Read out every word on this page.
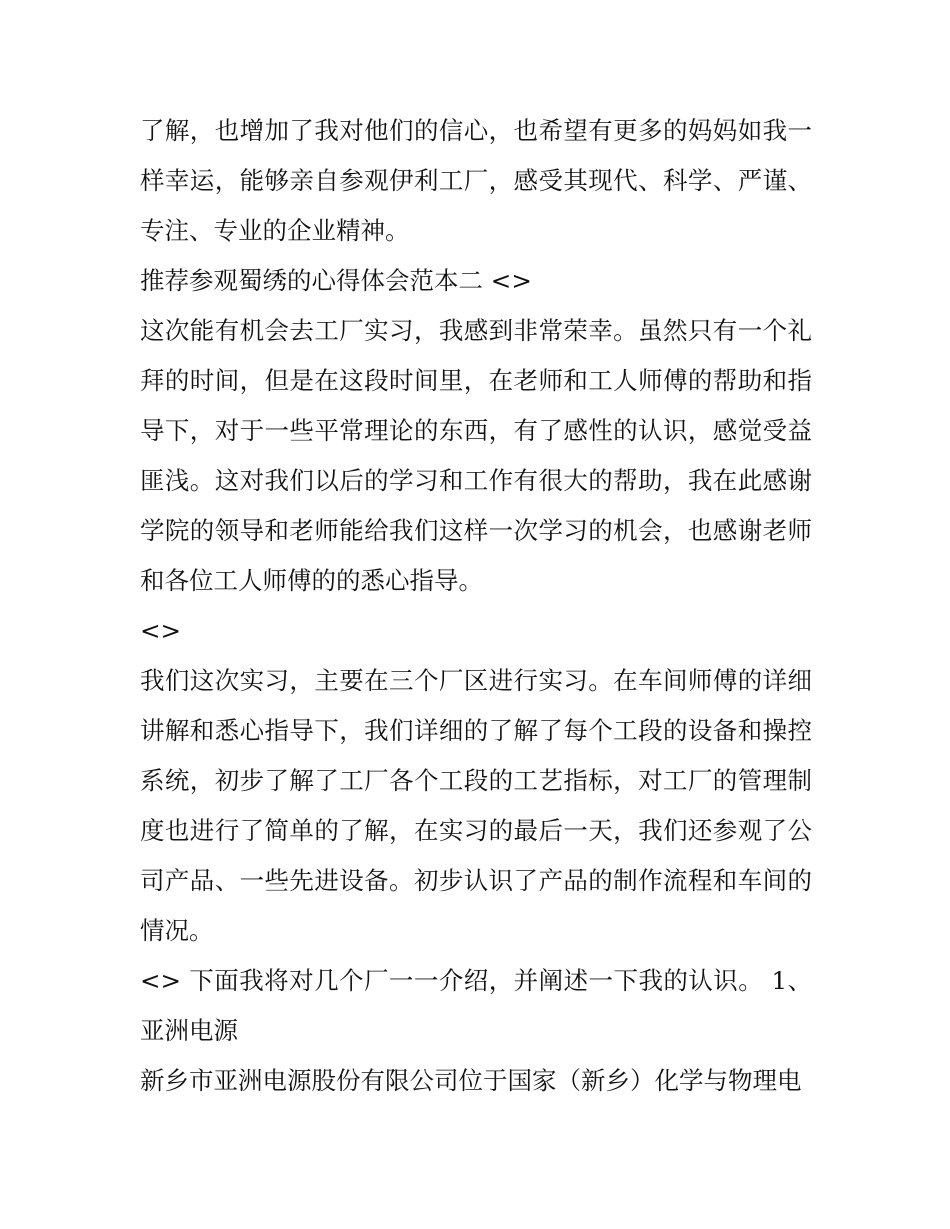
了解，也增加了我对他们的信心，也希望有更多的妈妈如我一样幸运，能够亲自参观伊利工厂，感受其现代、科学、严谨、专注、专业的企业精神。

推荐参观蜀绣的心得体会范本二 <>

这次能有机会去工厂实习，我感到非常荣幸。虽然只有一个礼拜的时间，但是在这段时间里，在老师和工人师傅的帮助和指导下，对于一些平常理论的东西，有了感性的认识，感觉受益匪浅。这对我们以后的学习和工作有很大的帮助，我在此感谢学院的领导和老师能给我们这样一次学习的机会，也感谢老师和各位工人师傅的的悉心指导。

<>

我们这次实习，主要在三个厂区进行实习。在车间师傅的详细讲解和悉心指导下，我们详细的了解了每个工段的设备和操控系统，初步了解了工厂各个工段的工艺指标，对工厂的管理制度也进行了简单的了解，在实习的最后一天，我们还参观了公司产品、一些先进设备。初步认识了产品的制作流程和车间的情况。

<> 下面我将对几个厂一一介绍，并阐述一下我的认识。 1、亚洲电源

新乡市亚洲电源股份有限公司位于国家（新乡）化学与物理电
